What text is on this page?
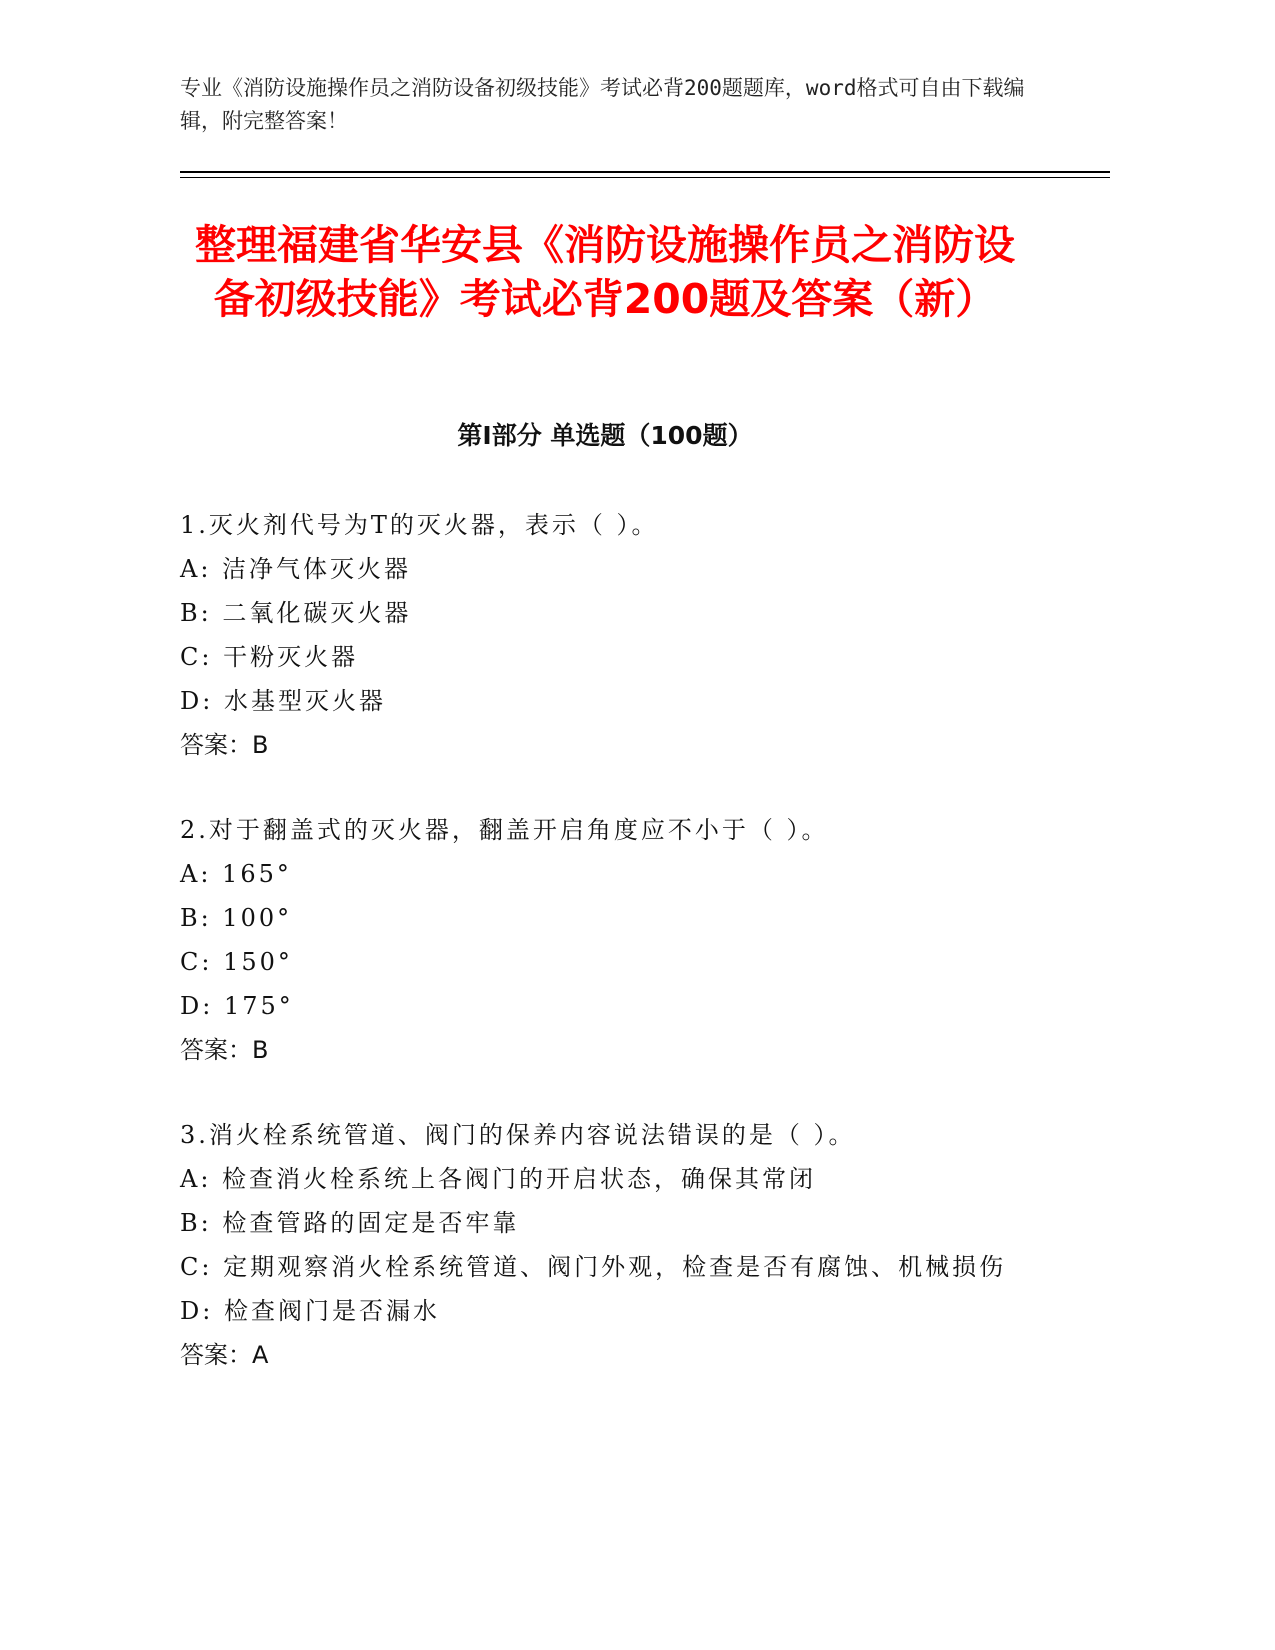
专业《消防设施操作员之消防设备初级技能》考试必背200题题库，word格式可自由下载编辑，附完整答案！
整理福建省华安县《消防设施操作员之消防设备初级技能》考试必背200题及答案（新）
第I部分 单选题（100题）
1.灭火剂代号为T的灭火器，表示（ ）。
A: 洁净气体灭火器
B: 二氧化碳灭火器
C: 干粉灭火器
D: 水基型灭火器
答案：B
2.对于翻盖式的灭火器，翻盖开启角度应不小于（ ）。
A: 165°
B: 100°
C: 150°
D: 175°
答案：B
3.消火栓系统管道、阀门的保养内容说法错误的是（ ）。
A: 检查消火栓系统上各阀门的开启状态，确保其常闭
B: 检查管路的固定是否牢靠
C: 定期观察消火栓系统管道、阀门外观，检查是否有腐蚀、机械损伤
D: 检查阀门是否漏水
答案：A
